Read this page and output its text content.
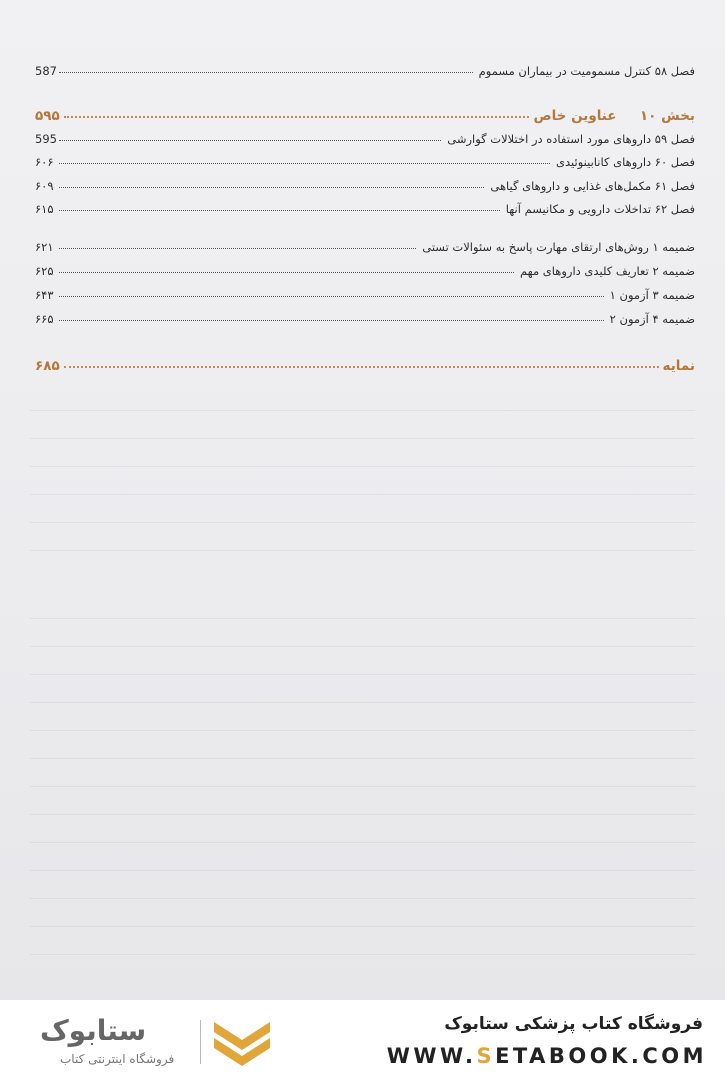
فصل ۵۸ کنترل مسمومیت در بیماران مسموم
587
بخش ۱۰  عناوین خاص
۵۹۵
فصل ۵۹ داروهای مورد استفاده در اختلالات گوارشی
595
فصل ۶۰ داروهای کانابینوئیدی
۶۰۶
فصل ۶۱ مکمل‌های غذایی و داروهای گیاهی
۶۰۹
فصل ۶۲ تداخلات دارویی و مکانیسم آنها
۶۱۵
ضمیمه ۱ روش‌های ارتقای مهارت پاسخ به سئوالات تستی
۶۲۱
ضمیمه ۲ تعاریف کلیدی داروهای مهم
۶۲۵
ضمیمه ۳ آزمون ۱
۶۴۳
ضمیمه ۴ آزمون ۲
۶۶۵
نمایه
۶۸۵
ستابوک
فروشگاه اینترنتی کتاب
فروشگاه کتاب پزشکی ستابوک
WWW.SETABOOK.COM
